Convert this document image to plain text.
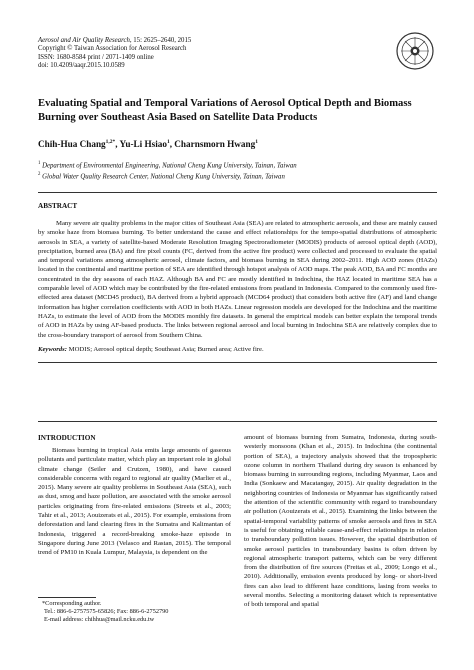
Aerosol and Air Quality Research, 15: 2625–2640, 2015
Copyright © Taiwan Association for Aerosol Research
ISSN: 1680-8584 print / 2071-1409 online
doi: 10.4209/aaqr.2015.10.0589
Evaluating Spatial and Temporal Variations of Aerosol Optical Depth and Biomass Burning over Southeast Asia Based on Satellite Data Products
Chih-Hua Chang$^{1,2*}$, Yu-Li Hsiao$^1$, Charnsmorn Hwang$^1$
$^1$ Department of Environmental Engineering, National Cheng Kung University, Tainan, Taiwan
$^2$ Global Water Quality Research Center, National Cheng Kung University, Tainan, Taiwan
ABSTRACT

Many severe air quality problems in the major cities of Southeast Asia (SEA) are related to atmospheric aerosols, and these are mainly caused by smoke haze from biomass burning. To better understand the cause and effect relationships for the tempo-spatial distributions of atmospheric aerosols in SEA, a variety of satellite-based Moderate Resolution Imaging Spectroradiometer (MODIS) products of aerosol optical depth (AOD), precipitation, burned area (BA) and fire pixel counts (FC, derived from the active fire product) were collected and processed to evaluate the spatial and temporal variations among atmospheric aerosol, climate factors, and biomass burning in SEA during 2002–2011. High AOD zones (HAZs) located in the continental and maritime portion of SEA are identified through hotspot analysis of AOD maps. The peak AOD, BA and FC months are concentrated in the dry seasons of each HAZ. Although BA and FC are mostly identified in Indochina, the HAZ located in maritime SEA has a comparable level of AOD which may be contributed by the fire-related emissions from peatland in Indonesia. Compared to the commonly used fire-effected area dataset (MCD45 product), BA derived from a hybrid approach (MCD64 product) that considers both active fire (AF) and land change information has higher correlation coefficients with AOD in both HAZs. Linear regression models are developed for the Indochina and the maritime HAZs, to estimate the level of AOD from the MODIS monthly fire datasets. In general the empirical models can better explain the temporal trends of AOD in HAZs by using AF-based products. The links between regional aerosol and local burning in Indochina SEA are relatively complex due to the cross-boundary transport of aerosol from Southern China.

Keywords: MODIS; Aerosol optical depth; Southeast Asia; Burned area; Active fire.
INTRODUCTION

Biomass burning in tropical Asia emits large amounts of gaseous pollutants and particulate matter, which play an important role in global climate change (Seiler and Crutzen, 1980), and have caused considerable concerns with regard to regional air quality (Marlier et al., 2015). Many severe air quality problems in Southeast Asia (SEA), such as dust, smog and haze pollution, are associated with the smoke aerosol particles originating from fire-related emissions (Streets et al., 2003; Tahir et al., 2013; Aouizerats et al., 2015). For example, emissions from deforestation and land clearing fires in the Sumatra and Kalimantan of Indonesia, triggered a record-breaking smoke-haze episode in Singapore during June 2013 (Velasco and Rastan, 2015). The temporal trend of PM10 in Kuala Lumpur, Malaysia, is dependent on the

amount of biomass burning from Sumatra, Indonesia, during south-westerly monsoons (Khan et al., 2015). In Indochina (the continental portion of SEA), a trajectory analysis showed that the tropospheric ozone column in northern Thailand during dry season is enhanced by biomass burning in surrounding regions, including Myanmar, Laos and India (Sonkaew and Macatangay, 2015). Air quality degradation in the neighboring countries of Indonesia or Myanmar has significantly raised the attention of the scientific community with regard to transboundary air pollution (Aouizerats et al., 2015). Examining the links between the spatial-temporal variability patterns of smoke aerosols and fires in SEA is useful for obtaining reliable cause-and-effect relationships in relation to transboundary pollution issues. However, the spatial distribution of smoke aerosol particles in transboundary basins is often driven by regional atmospheric transport patterns, which can be very different from the distribution of fire sources (Freitas et al., 2009; Longo et al., 2010). Additionally, emission events produced by long- or short-lived fires can also lead to different haze conditions, lasing from weeks to several months. Selecting a monitoring dataset which is representative of both temporal and spatial

*Corresponding author.
Tel.: 886-6-2757575-65826; Fax: 886-6-2752790
E-mail address: chihhua@mail.ncku.edu.tw
